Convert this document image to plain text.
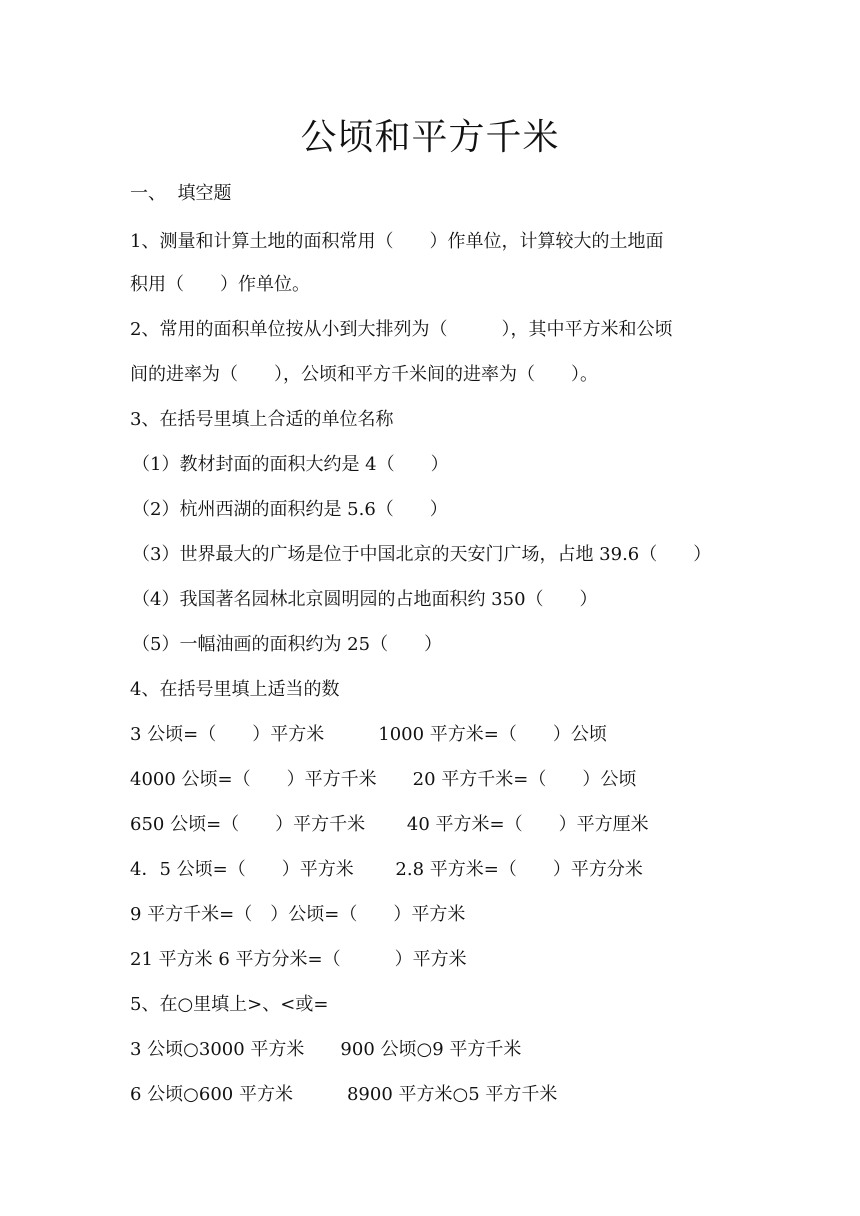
公顷和平方千米
一、  填空题
1、测量和计算土地的面积常用（　　）作单位，计算较大的土地面
积用（　　）作单位。
2、常用的面积单位按从小到大排列为（　　　），其中平方米和公顷
间的进率为（　　），公顷和平方千米间的进率为（　　）。
3、在括号里填上合适的单位名称
（1）教材封面的面积大约是 4（　　）
（2）杭州西湖的面积约是 5.6（　　）
（3）世界最大的广场是位于中国北京的天安门广场，占地 39.6（　　）
（4）我国著名园林北京圆明园的占地面积约 350（　　）
（5）一幅油画的面积约为 25（　　）
4、在括号里填上适当的数
3 公顷=（　　）平方米　　　1000 平方米=（　　）公顷
4000 公顷=（　　）平方千米　　20 平方千米=（　　）公顷
650 公顷=（　　）平方千米　　 40 平方米=（　　）平方厘米
4．5 公顷=（　　）平方米　　 2.8 平方米=（　　）平方分米
9 平方千米=（　）公顷=（　　）平方米
21 平方米 6 平方分米=（　　　）平方米
5、在○里填上>、<或=
3 公顷○3000 平方米　　900 公顷○9 平方千米
6 公顷○600 平方米　　　8900 平方米○5 平方千米
